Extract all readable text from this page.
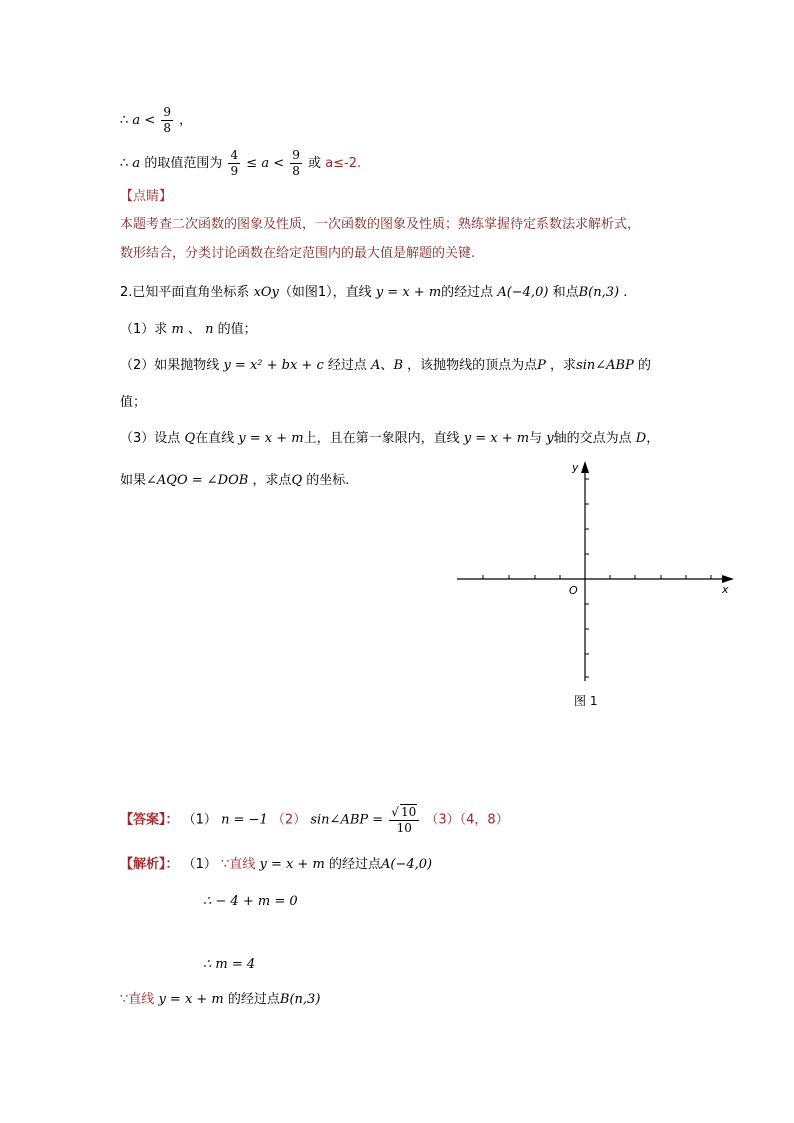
∴ $a < \frac{9}{8}$ ，
∴ a 的取值范围为 $\frac{4}{9} \le a < \frac{9}{8}$ 或 a≤-2.
【点睛】
本题考查二次函数的图象及性质，一次函数的图象及性质；熟练掌握待定系数法求解析式，
数形结合，分类讨论函数在给定范围内的最大值是解题的关键.
2.已知平面直角坐标系 xOy（如图1），直线 y = x + m的经过点 A(−4,0) 和点B(n,3) .
（1）求 m 、 n 的值；
（2）如果抛物线 y = x² + bx + c 经过点 A、B ，该抛物线的顶点为点P ，求sin∠ABP 的
值；
（3）设点 Q在直线 y = x + m上，且在第一象限内，直线 y = x + m与 y轴的交点为点 D，
如果∠AQO = ∠DOB ，求点Q 的坐标.
y
x
O
图 1
【答案】： （1） n = −1 （2） sin∠ABP = $\frac{√ 10}{10} (3)(4$，8）
【解析】： （1） ∵直线 y = x + m 的经过点A(−4,0)
∴ − 4 + m = 0
∴ m = 4
∵直线 y = x + m 的经过点B(n,3)
